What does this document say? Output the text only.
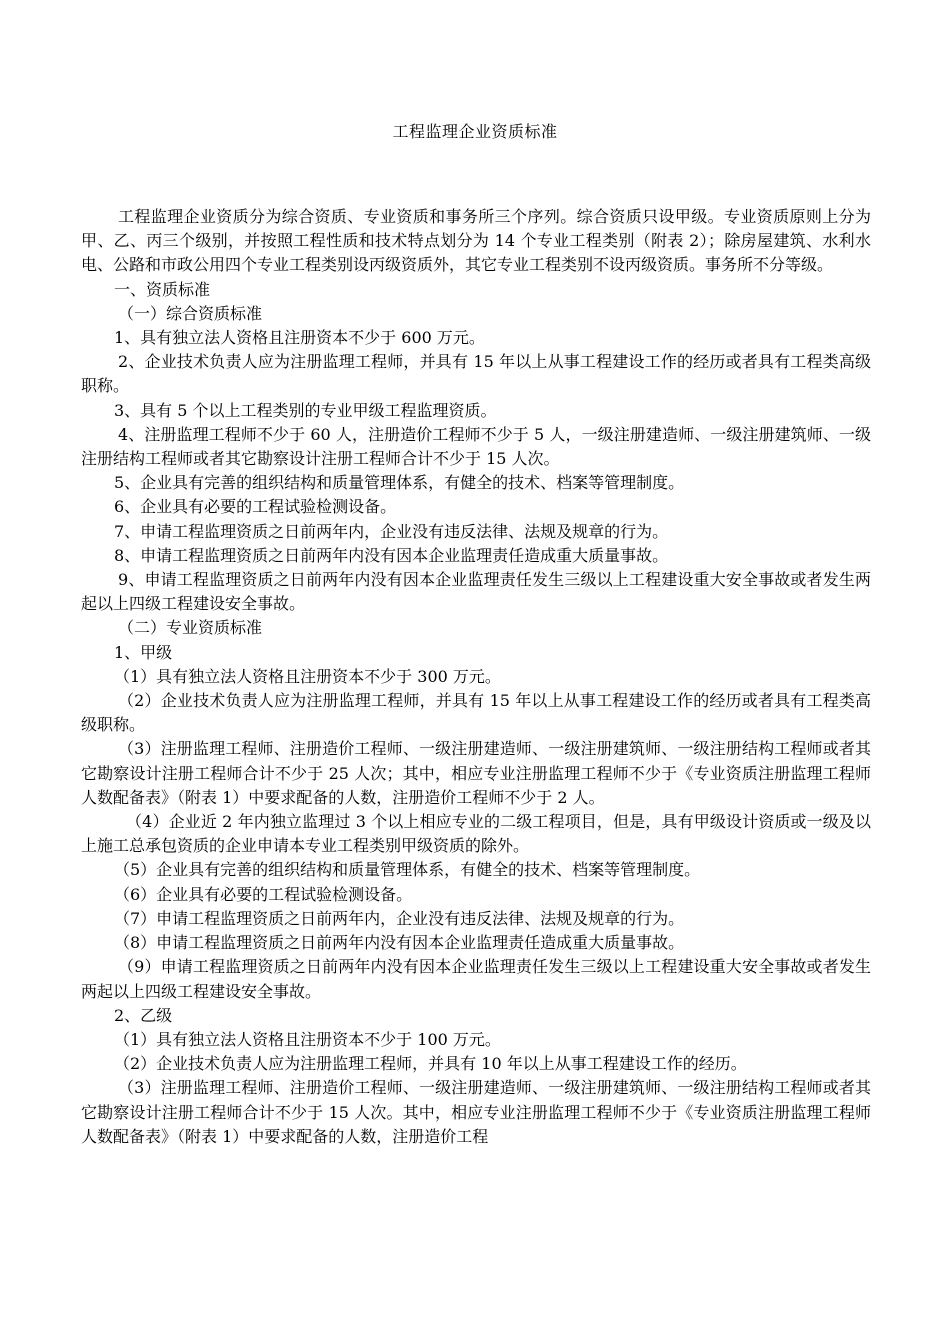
工程监理企业资质标准

工程监理企业资质分为综合资质、专业资质和事务所三个序列。综合资质只设甲级。专业资质原则上分为甲、乙、丙三个级别，并按照工程性质和技术特点划分为 14 个专业工程类别（附表 2）；除房屋建筑、水利水电、公路和市政公用四个专业工程类别设丙级资质外，其它专业工程类别不设丙级资质。事务所不分等级。

一、资质标准

（一）综合资质标准

1、具有独立法人资格且注册资本不少于 600 万元。

2、企业技术负责人应为注册监理工程师，并具有 15 年以上从事工程建设工作的经历或者具有工程类高级职称。

3、具有 5 个以上工程类别的专业甲级工程监理资质。

4、注册监理工程师不少于 60 人，注册造价工程师不少于 5 人，一级注册建造师、一级注册建筑师、一级注册结构工程师或者其它勘察设计注册工程师合计不少于 15 人次。

5、企业具有完善的组织结构和质量管理体系，有健全的技术、档案等管理制度。

6、企业具有必要的工程试验检测设备。

7、申请工程监理资质之日前两年内，企业没有违反法律、法规及规章的行为。

8、申请工程监理资质之日前两年内没有因本企业监理责任造成重大质量事故。

9、申请工程监理资质之日前两年内没有因本企业监理责任发生三级以上工程建设重大安全事故或者发生两起以上四级工程建设安全事故。

（二）专业资质标准

1、甲级

（1）具有独立法人资格且注册资本不少于 300 万元。

（2）企业技术负责人应为注册监理工程师，并具有 15 年以上从事工程建设工作的经历或者具有工程类高级职称。

（3）注册监理工程师、注册造价工程师、一级注册建造师、一级注册建筑师、一级注册结构工程师或者其它勘察设计注册工程师合计不少于 25 人次；其中，相应专业注册监理工程师不少于《专业资质注册监理工程师人数配备表》（附表 1）中要求配备的人数，注册造价工程师不少于 2 人。

（4）企业近 2 年内独立监理过 3 个以上相应专业的二级工程项目，但是，具有甲级设计资质或一级及以上施工总承包资质的企业申请本专业工程类别甲级资质的除外。

（5）企业具有完善的组织结构和质量管理体系，有健全的技术、档案等管理制度。

（6）企业具有必要的工程试验检测设备。

（7）申请工程监理资质之日前两年内，企业没有违反法律、法规及规章的行为。

（8）申请工程监理资质之日前两年内没有因本企业监理责任造成重大质量事故。

（9）申请工程监理资质之日前两年内没有因本企业监理责任发生三级以上工程建设重大安全事故或者发生两起以上四级工程建设安全事故。

2、乙级

（1）具有独立法人资格且注册资本不少于 100 万元。

（2）企业技术负责人应为注册监理工程师，并具有 10 年以上从事工程建设工作的经历。

（3）注册监理工程师、注册造价工程师、一级注册建造师、一级注册建筑师、一级注册结构工程师或者其它勘察设计注册工程师合计不少于 15 人次。其中，相应专业注册监理工程师不少于《专业资质注册监理工程师人数配备表》（附表 1）中要求配备的人数，注册造价工程
